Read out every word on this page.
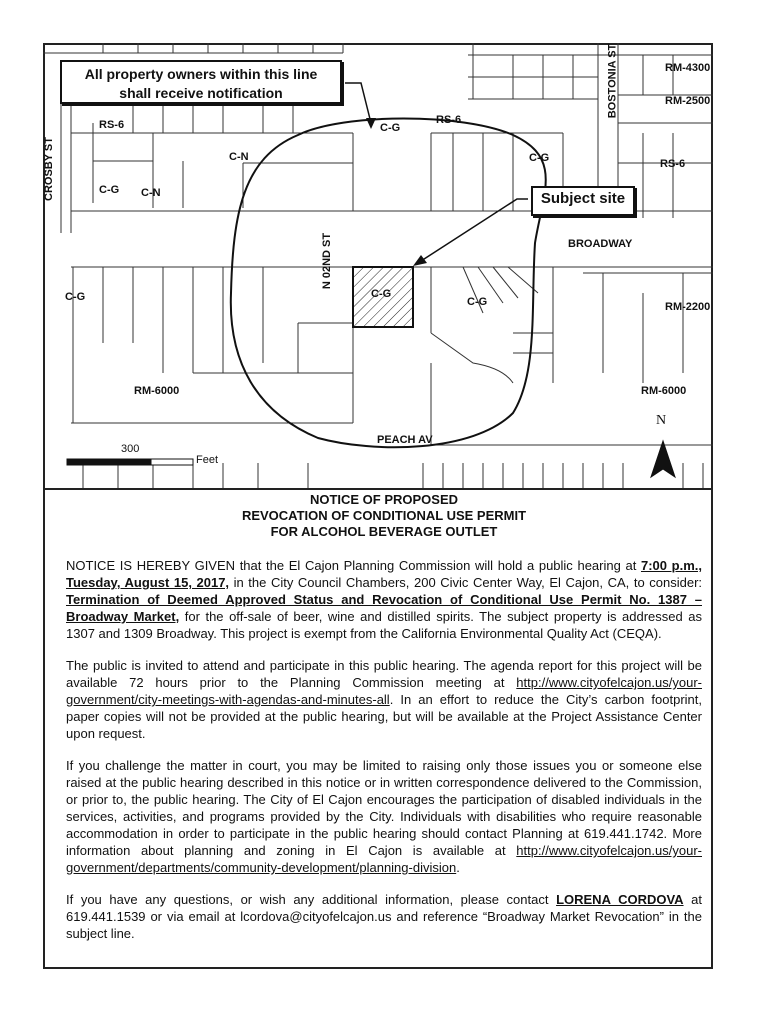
All property owners within this line
shall receive notification
Subject site
CROSBY ST
BOSTONIA ST
N 02ND ST	BROADWAY
PEACH AV
RS-6	RS-6
RS-6
C-G
C-G
C-G
C-G	C-G
C-G
C-N
C-N
RM-4300
RM-2500
RM-2200
RM-6000	RM-6000
300
Feet
N
NOTICE OF PROPOSED
REVOCATION OF CONDITIONAL USE PERMIT
FOR ALCOHOL BEVERAGE OUTLET

NOTICE IS HEREBY GIVEN that the El Cajon Planning Commission will hold a public hearing at 7:00 p.m., Tuesday, August 15, 2017, in the City Council Chambers, 200 Civic Center Way, El Cajon, CA, to consider: Termination of Deemed Approved Status and Revocation of Conditional Use Permit No. 1387 – Broadway Market, for the off-sale of beer, wine and distilled spirits. The subject property is addressed as 1307 and 1309 Broadway. This project is exempt from the California Environmental Quality Act (CEQA).

The public is invited to attend and participate in this public hearing. The agenda report for this project will be available 72 hours prior to the Planning Commission meeting at http://www.cityofelcajon.us/your-government/city-meetings-with-agendas-and-minutes-all. In an effort to reduce the City’s carbon footprint, paper copies will not be provided at the public hearing, but will be available at the Project Assistance Center upon request.

If you challenge the matter in court, you may be limited to raising only those issues you or someone else raised at the public hearing described in this notice or in written correspondence delivered to the Commission, or prior to, the public hearing. The City of El Cajon encourages the participation of disabled individuals in the services, activities, and programs provided by the City. Individuals with disabilities who require reasonable accommodation in order to participate in the public hearing should contact Planning at 619.441.1742. More information about planning and zoning in El Cajon is available at http://www.cityofelcajon.us/your-government/departments/community-development/planning-division.

If you have any questions, or wish any additional information, please contact LORENA CORDOVA at 619.441.1539 or via email at lcordova@cityofelcajon.us and reference “Broadway Market Revocation” in the subject line.
